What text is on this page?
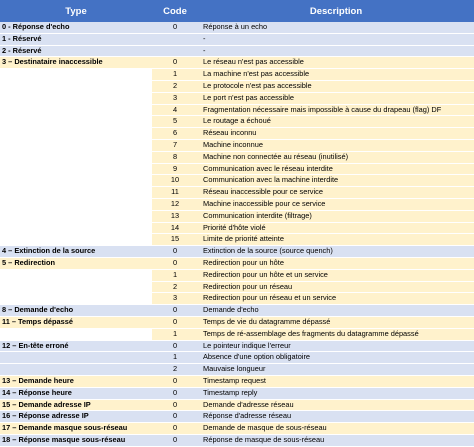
Type	Code	Description
0 - Réponse d'echo	0	Réponse à un echo
1 - Réservé		-
2 - Réservé		-
3 – Destinataire inaccessible	0	Le réseau n'est pas accessible
	1	La machine n'est pas accessible
	2	Le protocole n'est pas accessible
	3	Le port n'est pas accessible
	4	Fragmentation nécessaire mais impossible à cause du drapeau (flag) DF
	5	Le routage a échoué
	6	Réseau inconnu
	7	Machine inconnue
	8	Machine non connectée au réseau (inutilisé)
	9	Communication avec le réseau interdite
	10	Communication avec la machine interdite
	11	Réseau inaccessible pour ce service
	12	Machine inaccessible pour ce service
	13	Communication interdite (filtrage)
	14	Priorité d'hôte violé
	15	Limite de priorité atteinte
4 – Extinction de la source	0	Extinction de la source (source quench)
5 – Redirection	0	Redirection pour un hôte
	1	Redirection pour un hôte et un service
	2	Redirection pour un réseau
	3	Redirection pour un réseau et un service
8 – Demande d'echo	0	Demande d'echo
11 – Temps dépassé	0	Temps de vie du datagramme dépassé
	1	Temps de ré-assemblage des fragments du datagramme dépassé
12 – En-tête erroné	0	Le pointeur indique l'erreur
	1	Absence d'une option obligatoire
	2	Mauvaise longueur
13 – Demande heure	0	Timestamp request
14 – Réponse heure	0	Timestamp reply
15 – Demande adresse IP	0	Demande d'adresse réseau
16 – Réponse adresse IP	0	Réponse d'adresse réseau
17 – Demande masque sous-réseau	0	Demande de masque de sous-réseau
18 – Réponse masque sous-réseau	0	Réponse de masque de sous-réseau
